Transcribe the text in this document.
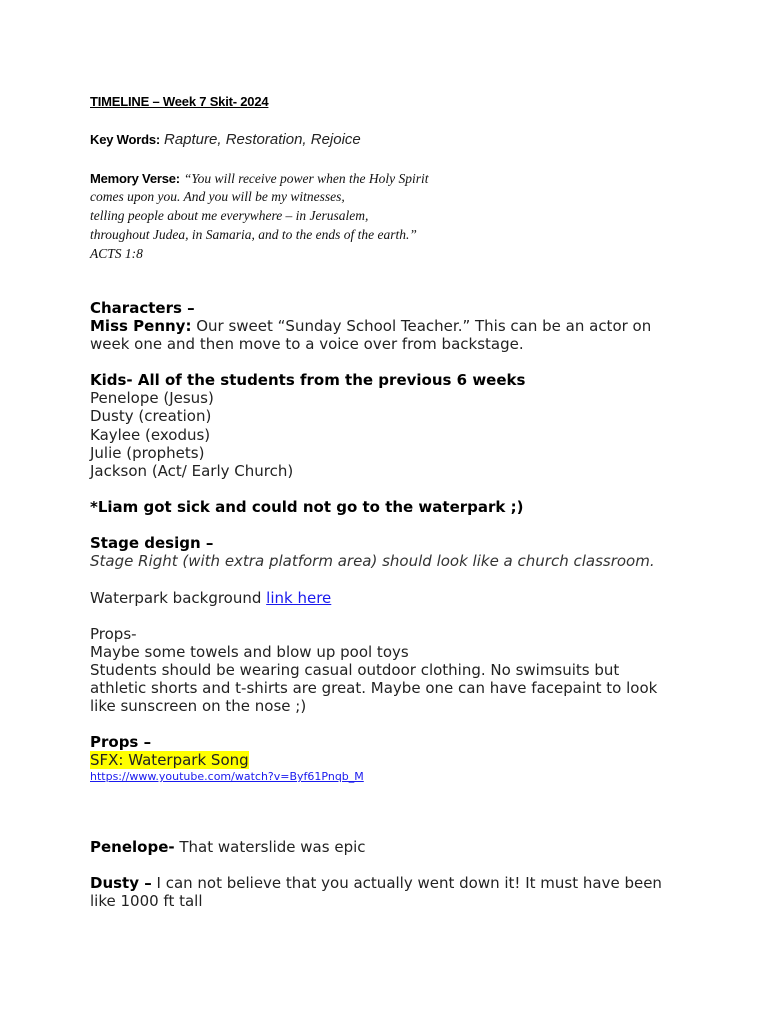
TIMELINE – Week 7 Skit- 2024
Key Words: Rapture, Restoration, Rejoice
Memory Verse: “You will receive power when the Holy Spirit
comes upon you. And you will be my witnesses,
telling people about me everywhere – in Jerusalem,
throughout Judea, in Samaria, and to the ends of the earth.”
ACTS 1:8
Characters –
Miss Penny: Our sweet “Sunday School Teacher.” This can be an actor on
week one and then move to a voice over from backstage.
Kids- All of the students from the previous 6 weeks
Penelope (Jesus)
Dusty (creation)
Kaylee (exodus)
Julie (prophets)
Jackson (Act/ Early Church)
*Liam got sick and could not go to the waterpark ;)
Stage design –
Stage Right (with extra platform area) should look like a church classroom.
Waterpark background link here
Props-
Maybe some towels and blow up pool toys
Students should be wearing casual outdoor clothing. No swimsuits but
athletic shorts and t-shirts are great. Maybe one can have facepaint to look
like sunscreen on the nose ;)
Props –
SFX: Waterpark Song
https://www.youtube.com/watch?v=Byf61Pnqb_M
Penelope- That waterslide was epic
Dusty – I can not believe that you actually went down it! It must have been
like 1000 ft tall
